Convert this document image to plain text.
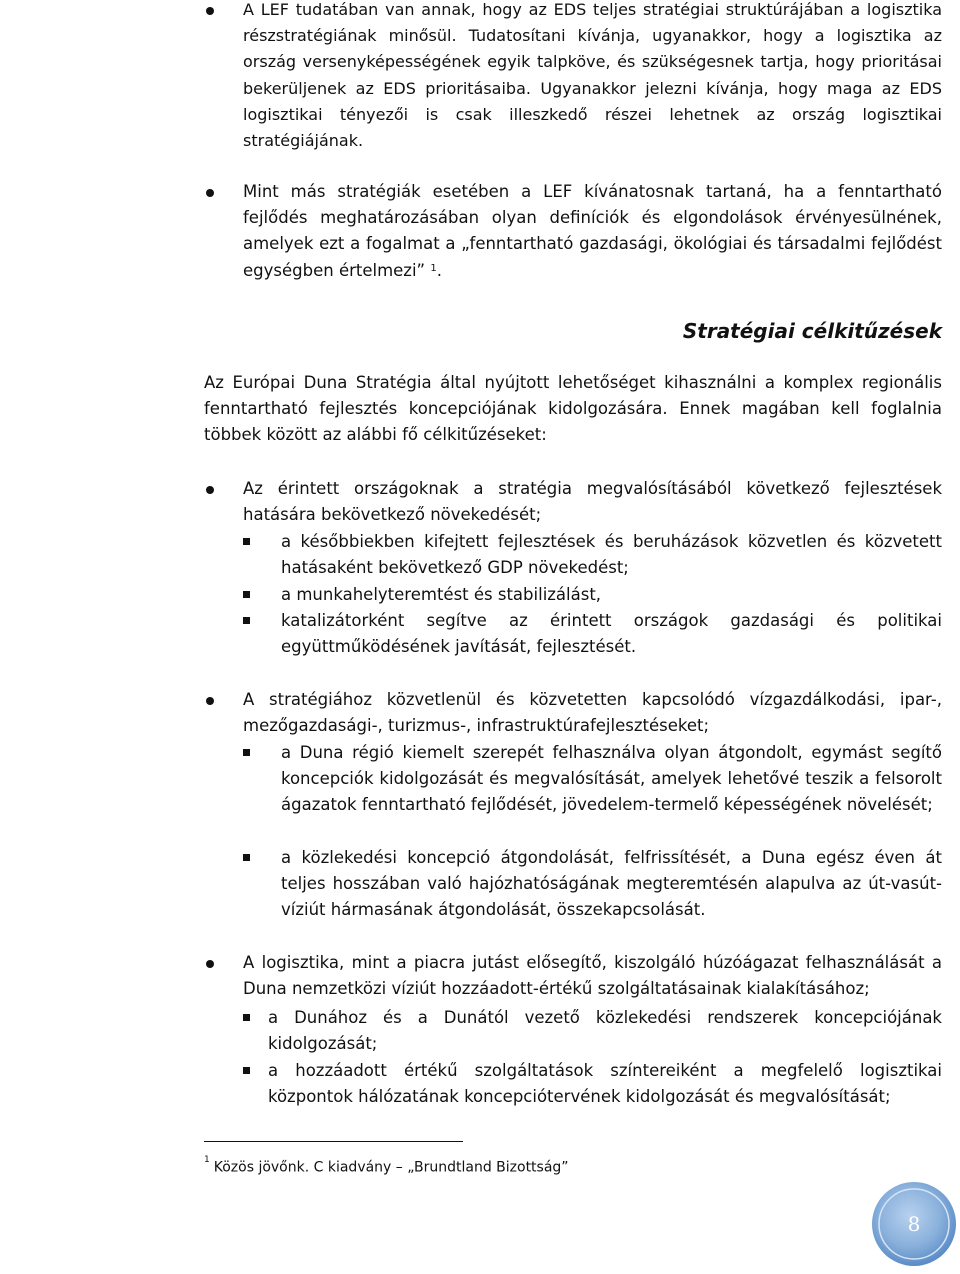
A LEF tudatában van annak, hogy az EDS teljes stratégiai struktúrájában a logisztika részstratégiának minősül. Tudatosítani kívánja, ugyanakkor, hogy a logisztika az ország versenyképességének egyik talpköve, és szükségesnek tartja, hogy prioritásai bekerüljenek az EDS prioritásaiba. Ugyanakkor jelezni kívánja, hogy maga az EDS logisztikai tényezői is csak illeszkedő részei lehetnek az ország logisztikai stratégiájának.
Mint más stratégiák esetében a LEF kívánatosnak tartaná, ha a fenntartható fejlődés meghatározásában olyan definíciók és elgondolások érvényesülnének, amelyek ezt a fogalmat a „fenntartható gazdasági, ökológiai és társadalmi fejlődést egységben értelmezi” $^1$.
Stratégiai célkitűzések
Az Európai Duna Stratégia által nyújtott lehetőséget kihasználni a komplex regionális fenntartható fejlesztés koncepciójának kidolgozására. Ennek magában kell foglalnia többek között az alábbi fő célkitűzéseket:
Az érintett országoknak a stratégia megvalósításából következő fejlesztések hatására bekövetkező növekedését;
a későbbiekben kifejtett fejlesztések és beruházások közvetlen és közvetett hatásaként bekövetkező GDP növekedést;
a munkahelyteremtést és stabilizálást,
katalizátorként segítve az érintett országok gazdasági és politikai együttműködésének javítását, fejlesztését.
A stratégiához közvetlenül és közvetetten kapcsolódó vízgazdálkodási, ipar-, mezőgazdasági-, turizmus-, infrastruktúrafejlesztéseket;
a Duna régió kiemelt szerepét felhasználva olyan átgondolt, egymást segítő koncepciók kidolgozását és megvalósítását, amelyek lehetővé teszik a felsorolt ágazatok fenntartható fejlődését, jövedelem-termelő képességének növelését;
a közlekedési koncepció átgondolását, felfrissítését, a Duna egész éven át teljes hosszában való hajózhatóságának megteremtésén alapulva az út-vasút-víziút hármasának átgondolását, összekapcsolását.
A logisztika, mint a piacra jutást elősegítő, kiszolgáló húzóágazat felhasználását a Duna nemzetközi víziút hozzáadott-értékű szolgáltatásainak kialakításához;
a Dunához és a Dunától vezető közlekedési rendszerek koncepciójának kidolgozását;
a hozzáadott értékű szolgáltatások színtereiként a megfelelő logisztikai központok hálózatának koncepciótervének kidolgozását és megvalósítását;
$^1$ Közös jövőnk. C kiadvány – „Brundtland Bizottság”
8
